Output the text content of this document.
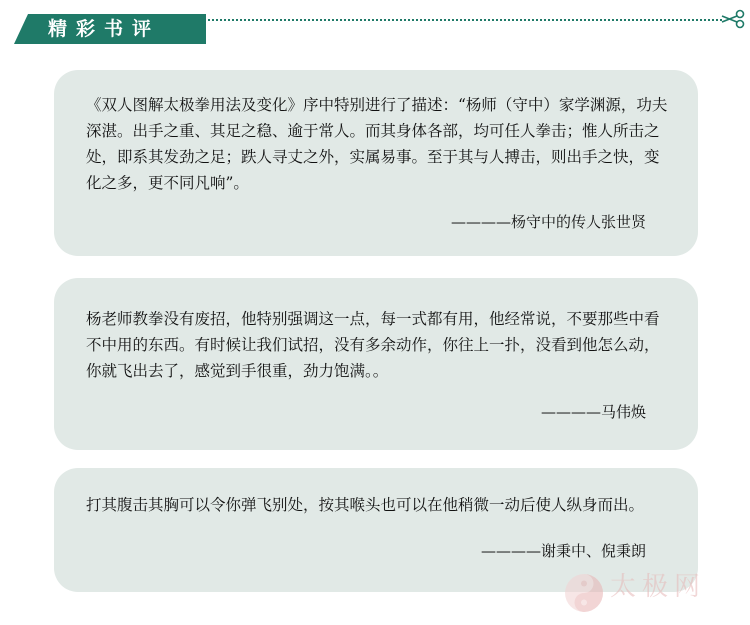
精彩书评

《双人图解太极拳用法及变化》序中特别进行了描述：“杨师（守中）家学渊源，功夫深湛。出手之重、其足之稳、逾于常人。而其身体各部，均可任人拳击；惟人所击之处，即系其发劲之足；跌人寻丈之外，实属易事。至于其与人搏击，则出手之快，变化之多，更不同凡响”。

————杨守中的传人张世贤

杨老师教拳没有废招，他特别强调这一点，每一式都有用，他经常说，不要那些中看不中用的东西。有时候让我们试招，没有多余动作，你往上一扑，没看到他怎么动，你就飞出去了，感觉到手很重，劲力饱满。。

————马伟焕

打其腹击其胸可以令你弹飞别处，按其喉头也可以在他稍微一动后使人纵身而出。

————谢秉中、倪秉朗
太极网
